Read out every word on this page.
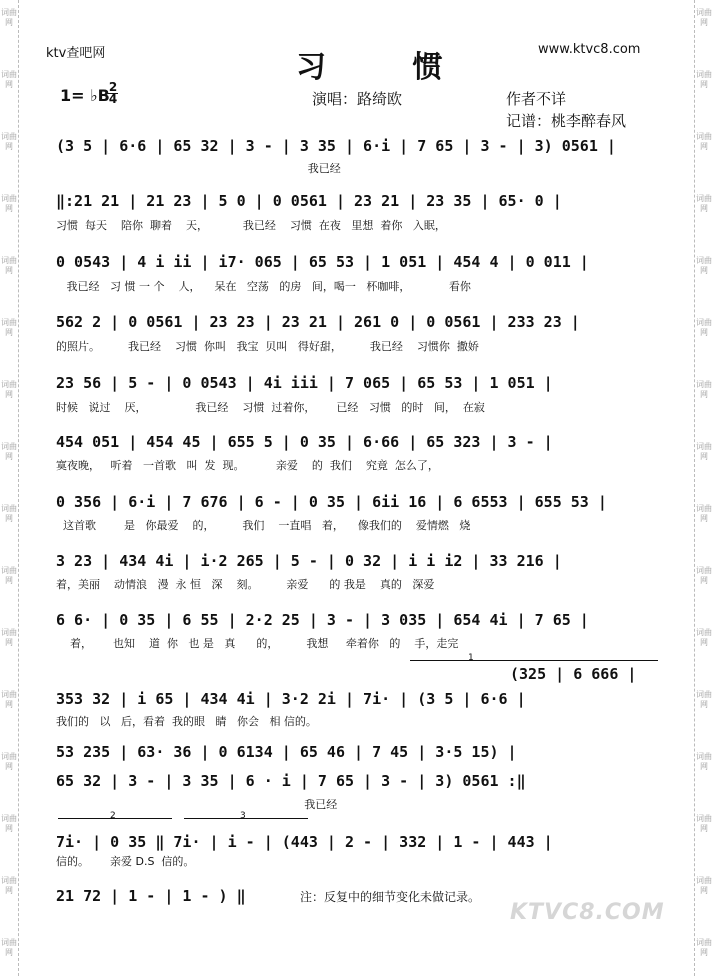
词曲网
词曲网
词曲网
词曲网
词曲网
词曲网
词曲网
词曲网
词曲网
词曲网
词曲网
词曲网
词曲网
词曲网
词曲网
词曲网
词曲网
词曲网
词曲网
词曲网
词曲网
词曲网
词曲网
词曲网
词曲网
词曲网
词曲网
词曲网
词曲网
词曲网
词曲网
词曲网
ktv查吧网	www.ktvc8.com
习 惯
1= ♭B
2
4	演唱：路绮欧	作者不详
记谱：桃李醉春风
(3 5 | 6·6 | 65 32 | 3 - | 3 35 | 6·i | 7 65 | 3 - | 3) 0561 |
我已经
‖:21 21 | 21 23 | 5 0 | 0 0561 | 23 21 | 23 35 | 65· 0 |
习惯  每天    陪你  聊着    天，          我已经    习惯  在夜   里想  着你   入眠，
0 0543 | 4 i ii | i7· 065 | 65 53 | 1 051 | 454 4 | 0 011 |
我已经   习 惯 一 个    人，    呆在   空荡   的房   间，喝一   杯咖啡，           看你
562 2 | 0 0561 | 23 23 | 23 21 | 261 0 | 0 0561 | 233 23 |
的照片。        我已经    习惯  你叫   我宝  贝叫   得好甜，        我已经    习惯你  撒娇
23 56 | 5 - | 0 0543 | 4i iii | 7 065 | 65 53 | 1 051 |
时候   说过    厌，              我已经    习惯  过着你，      已经   习惯   的时   间，  在寂
454 051 | 454 45 | 655 5 | 0 35 | 6·66 | 65 323 | 3 - |
寞夜晚，   听着   一首歌   叫  发  现。         亲爱    的  我们    究竟  怎么了，
0 356 | 6·i | 7 676 | 6 - | 0 35 | 6ii 16 | 6 6553 | 655 53 |
这首歌        是   你最爱    的，        我们    一直唱   着，    像我们的    爱情燃   烧
3 23 | 434 4i | i·2 265 | 5 - | 0 32 | i i i2 | 33 216 |
着，美丽    动情浪   漫  永 恒   深    刻。        亲爱      的 我是    真的   深爱
6 6· | 0 35 | 6 55 | 2·2 25 | 3 - | 3 035 | 654 4i | 7 65 |
着，      也知    道  你   也 是   真      的，        我想     牵着你   的    手，走完
1
(325 | 6 666 |
353 32 | i 65 | 434 4i | 3·2 2i | 7i· | (3 5 | 6·6 |
我们的   以   后，看着  我的眼   睛   你会   相 信的。
53 235 | 63· 36 | 0 6134 | 65 46 | 7 45 | 3·5 15) |
65 32 | 3 - | 3 35 | 6 · i | 7 65 | 3 - | 3) 0561 :‖
我已经
2	3
7i· | 0 35 ‖ 7i· | i - | (443 | 2 - | 332 | 1 - | 443 |
信的。      亲爱 D.S  信的。
21 72 | 1 - | 1 - ) ‖	注：反复中的细节变化未做记录。
KTVC8.COM
